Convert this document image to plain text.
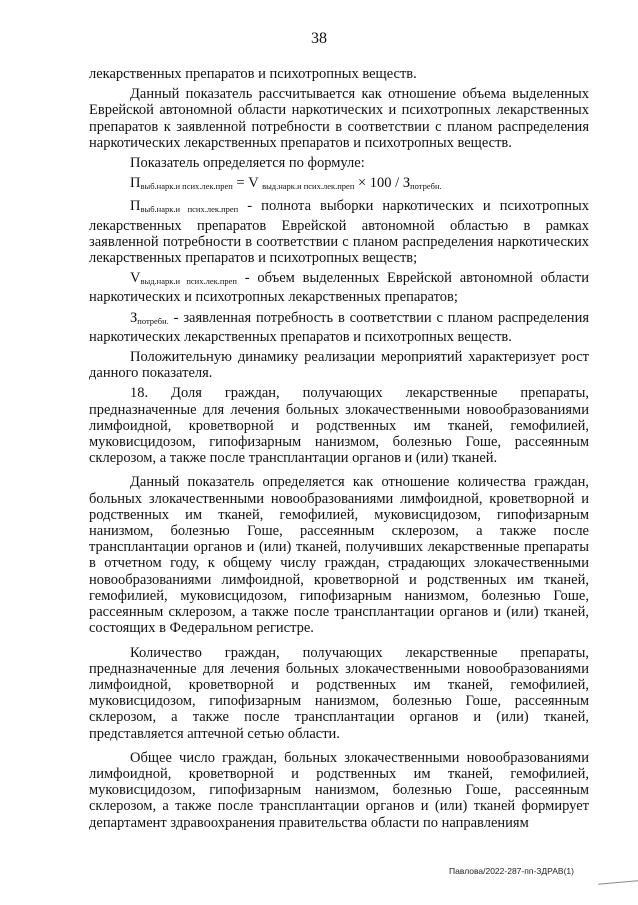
38

лекарственных препаратов и психотропных веществ.

Данный показатель рассчитывается как отношение объема выделенных Еврейской автономной области наркотических и психотропных лекарственных препаратов к заявленной потребности в соответствии с планом распределения наркотических лекарственных препаратов и психотропных веществ.

Показатель определяется по формуле:

$П_{выб.нарк.и псих.лек.преп} = V$ $_{выд.нарк.и псих.лек.преп} \times 100 / З_{потребн.}$

$П_{выб.нарк.и псих.лек.преп}$ - полнота выборки наркотических и психотропных лекарственных препаратов Еврейской автономной областью в рамках заявленной потребности в соответствии с планом распределения наркотических лекарственных препаратов и психотропных веществ;

$V_{выд.нарк.и псих.лек.преп}$ - объем выделенных Еврейской автономной области наркотических и психотропных лекарственных препаратов;

$З_{потребн.}$ - заявленная потребность в соответствии с планом распределения наркотических лекарственных препаратов и психотропных веществ.

Положительную динамику реализации мероприятий характеризует рост данного показателя.

18. Доля граждан, получающих лекарственные препараты, предназначенные для лечения больных злокачественными новообразованиями лимфоидной, кроветворной и родственных им тканей, гемофилией, муковисцидозом, гипофизарным нанизмом, болезнью Гоше, рассеянным склерозом, а также после трансплантации органов и (или) тканей.

Данный показатель определяется как отношение количества граждан, больных злокачественными новообразованиями лимфоидной, кроветворной и родственных им тканей, гемофилией, муковисцидозом, гипофизарным нанизмом, болезнью Гоше, рассеянным склерозом, а также после трансплантации органов и (или) тканей, получивших лекарственные препараты в отчетном году, к общему числу граждан, страдающих злокачественными новообразованиями лимфоидной, кроветворной и родственных им тканей, гемофилией, муковисцидозом, гипофизарным нанизмом, болезнью Гоше, рассеянным склерозом, а также после трансплантации органов и (или) тканей, состоящих в Федеральном регистре.

Количество граждан, получающих лекарственные препараты, предназначенные для лечения больных злокачественными новообразованиями лимфоидной, кроветворной и родственных им тканей, гемофилией, муковисцидозом, гипофизарным нанизмом, болезнью Гоше, рассеянным склерозом, а также после трансплантации органов и (или) тканей, представляется аптечной сетью области.

Общее число граждан, больных злокачественными новообразованиями лимфоидной, кроветворной и родственных им тканей, гемофилией, муковисцидозом, гипофизарным нанизмом, болезнью Гоше, рассеянным склерозом, а также после трансплантации органов и (или) тканей формирует департамент здравоохранения правительства области по направлениям

Павлова/2022-287-пп-ЗДРАВ(1)
